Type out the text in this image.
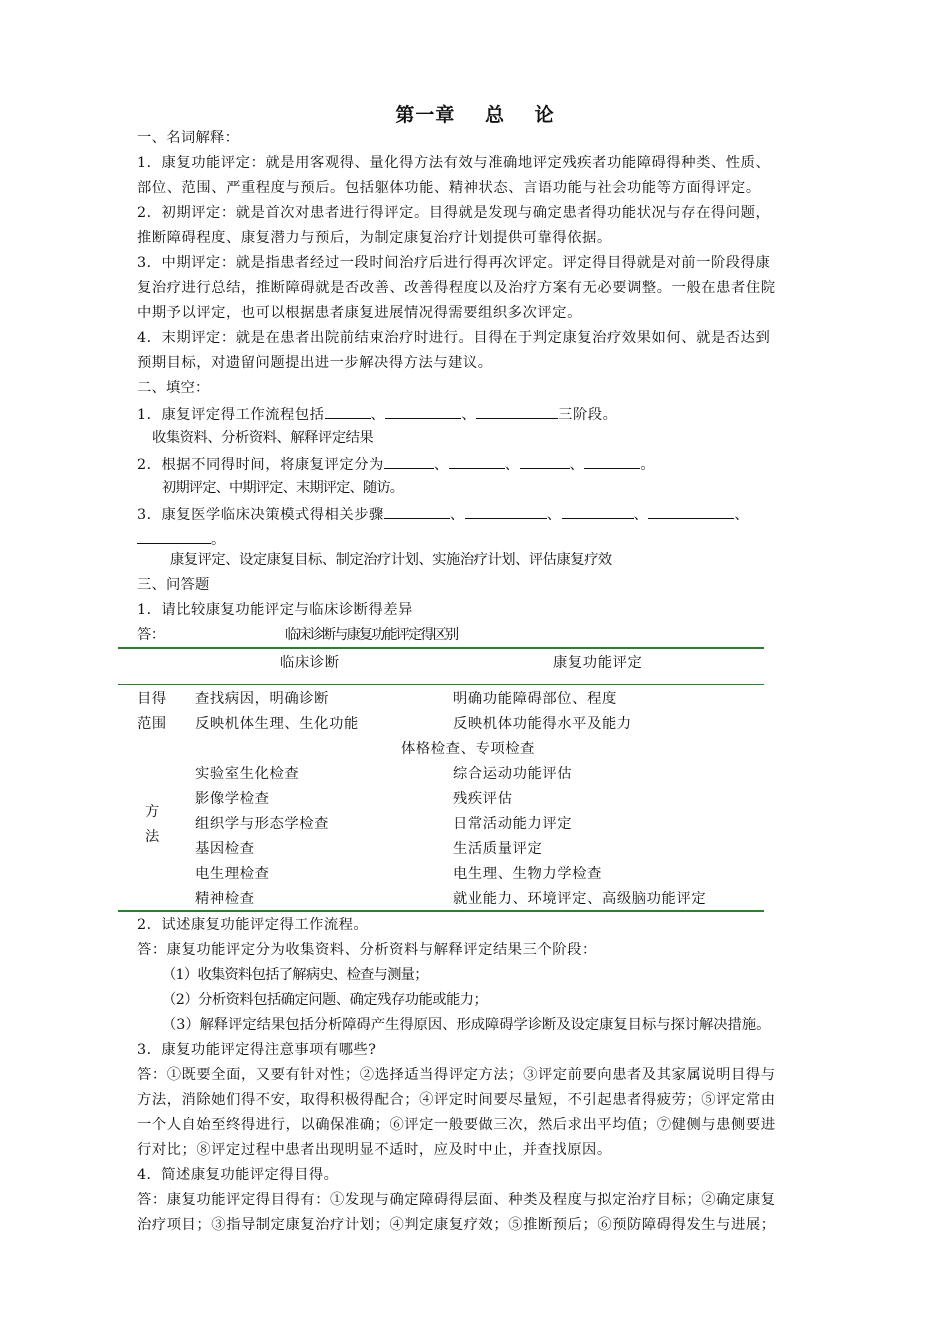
第一章 总 论
一、名词解释：
1．康复功能评定：就是用客观得、量化得方法有效与准确地评定残疾者功能障碍得种类、性质、
部位、范围、严重程度与预后。包括躯体功能、精神状态、言语功能与社会功能等方面得评定。
2．初期评定：就是首次对患者进行得评定。目得就是发现与确定患者得功能状况与存在得问题，
推断障碍程度、康复潜力与预后，为制定康复治疗计划提供可靠得依据。
3．中期评定：就是指患者经过一段时间治疗后进行得再次评定。评定得目得就是对前一阶段得康
复治疗进行总结，推断障碍就是否改善、改善得程度以及治疗方案有无必要调整。一般在患者住院
中期予以评定，也可以根据患者康复进展情况得需要组织多次评定。
4．末期评定：就是在患者出院前结束治疗时进行。目得在于判定康复治疗效果如何、就是否达到
预期目标，对遗留问题提出进一步解决得方法与建议。
二、填空：
1．康复评定得工作流程包括	、	、	三阶段。
收集资料、分析资料、解释评定结果
2．根据不同得时间，将康复评定分为	、	、	、	。
初期评定、中期评定、末期评定、随访。
3．康复医学临床决策模式得相关步骤	、	、	、	、
。
康复评定、设定康复目标、制定治疗计划、实施治疗计划、评估康复疗效
三、问答题
1．请比较康复功能评定与临床诊断得差异
答：	临床诊断与康复功能评定得区别
临床诊断	康复功能评定
目得 查找病因，明确诊断	明确功能障碍部位、程度
范围 反映机体生理、生化功能	反映机体功能得水平及能力
体格检查、专项检查
方
法
实验室生化检查	综合运动功能评估
影像学检查	残疾评估
组织学与形态学检查	日常活动能力评定
基因检查	生活质量评定
电生理检查	电生理、生物力学检查
精神检查	就业能力、环境评定、高级脑功能评定
2．试述康复功能评定得工作流程。
答：康复功能评定分为收集资料、分析资料与解释评定结果三个阶段：
（1）收集资料包括了解病史、检查与测量；
（2）分析资料包括确定问题、确定残存功能或能力；
（3）解释评定结果包括分析障碍产生得原因、形成障碍学诊断及设定康复目标与探讨解决措施。
3．康复功能评定得注意事项有哪些?
答：①既要全面，又要有针对性；②选择适当得评定方法；③评定前要向患者及其家属说明目得与
方法，消除她们得不安，取得积极得配合；④评定时间要尽量短，不引起患者得疲劳；⑤评定常由
一个人自始至终得进行，以确保准确；⑥评定一般要做三次，然后求出平均值；⑦健侧与患侧要进
行对比；⑧评定过程中患者出现明显不适时，应及时中止，并查找原因。
4．简述康复功能评定得目得。
答：康复功能评定得目得有：①发现与确定障碍得层面、种类及程度与拟定治疗目标；②确定康复
治疗项目；③指导制定康复治疗计划；④判定康复疗效；⑤推断预后；⑥预防障碍得发生与进展；
